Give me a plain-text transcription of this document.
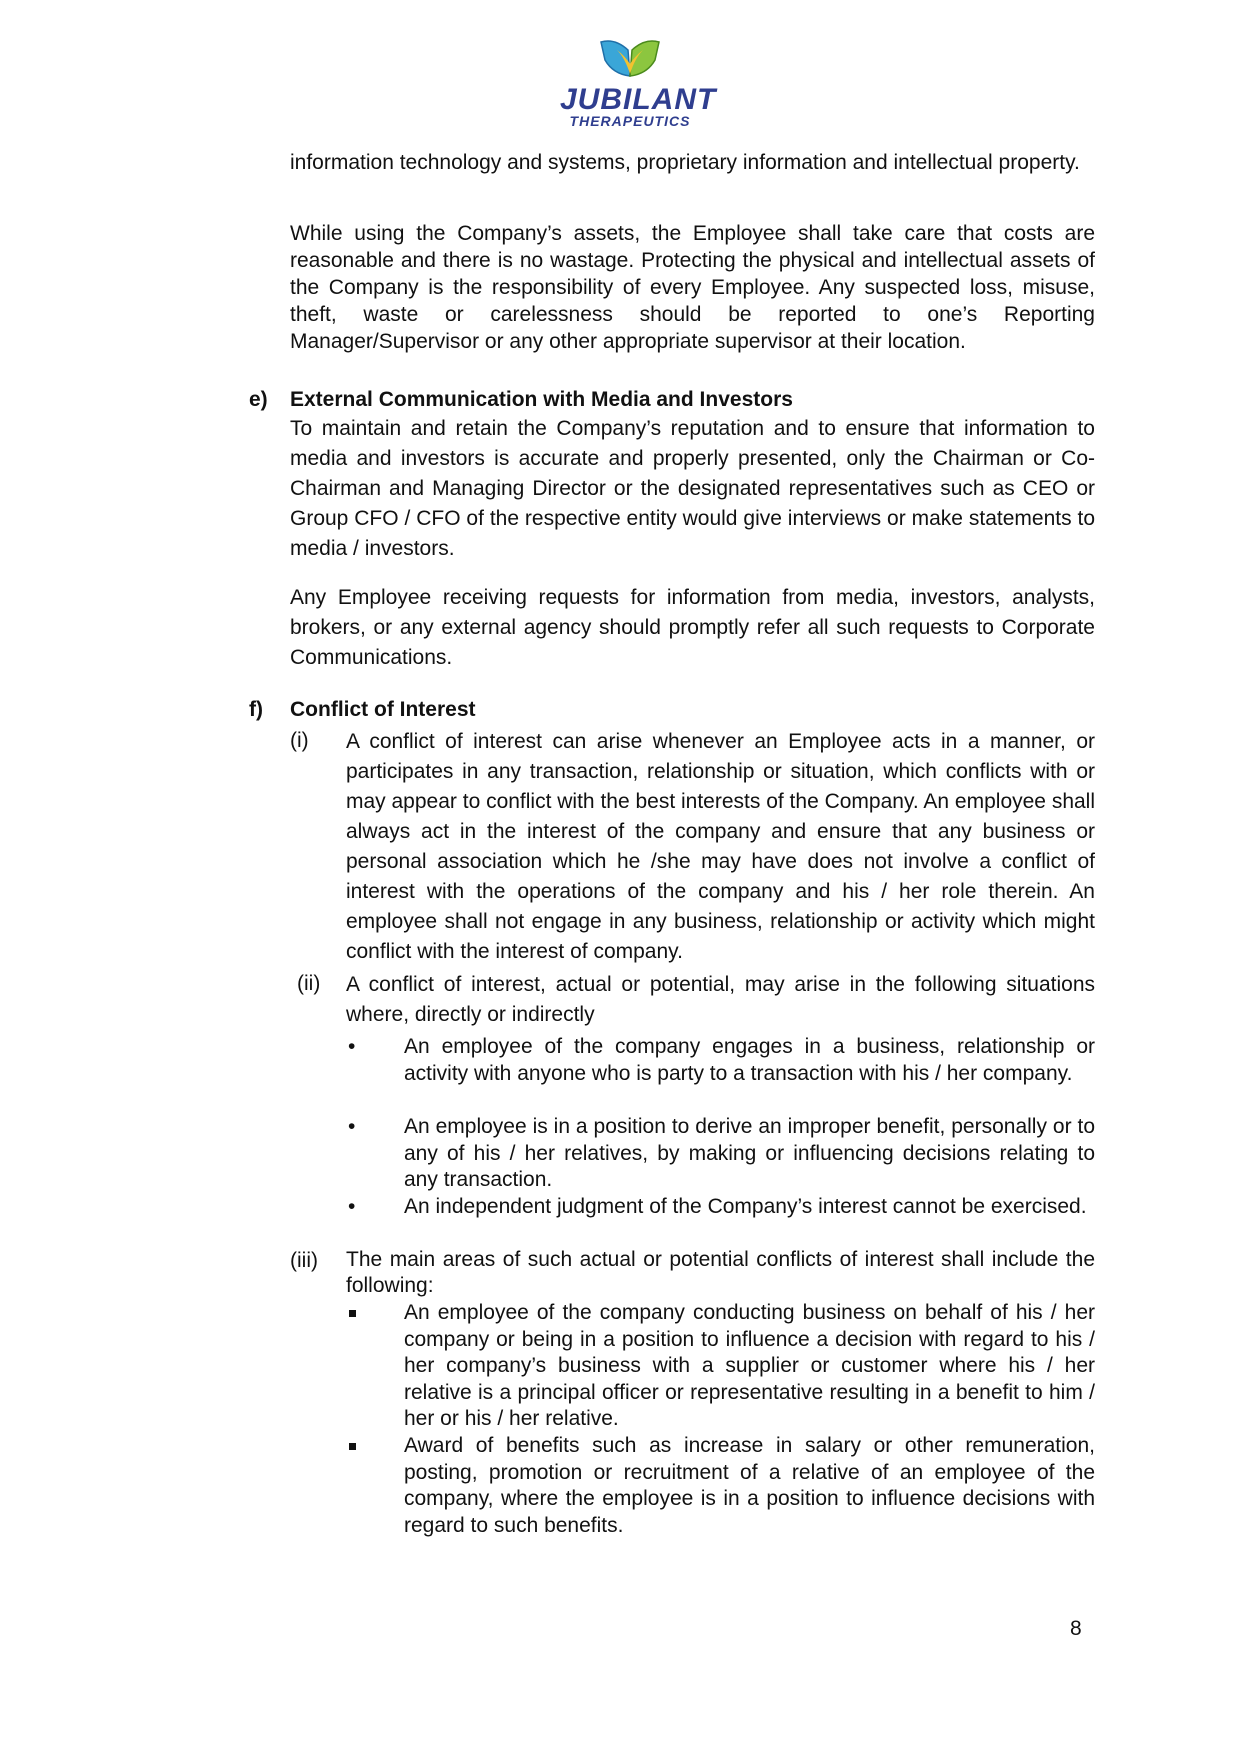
JUBILANT
THERAPEUTICS

information technology and systems, proprietary information and intellectual property.

While using the Company’s assets, the Employee shall take care that costs are reasonable and there is no wastage. Protecting the physical and intellectual assets of the Company is the responsibility of every Employee. Any suspected loss, misuse, theft, waste or carelessness should be reported to one’s Reporting Manager/Supervisor or any other appropriate supervisor at their location.

e) External Communication with Media and Investors

To maintain and retain the Company’s reputation and to ensure that information to media and investors is accurate and properly presented, only the Chairman or Co-Chairman and Managing Director or the designated representatives such as CEO or Group CFO / CFO of the respective entity would give interviews or make statements to media / investors.

Any Employee receiving requests for information from media, investors, analysts, brokers, or any external agency should promptly refer all such requests to Corporate Communications.

f) Conflict of Interest

(i) A conflict of interest can arise whenever an Employee acts in a manner, or participates in any transaction, relationship or situation, which conflicts with or may appear to conflict with the best interests of the Company. An employee shall always act in the interest of the company and ensure that any business or personal association which he /she may have does not involve a conflict of interest with the operations of the company and his / her role therein. An employee shall not engage in any business, relationship or activity which might conflict with the interest of company.

(ii) A conflict of interest, actual or potential, may arise in the following situations where, directly or indirectly

• An employee of the company engages in a business, relationship or activity with anyone who is party to a transaction with his / her company.

• An employee is in a position to derive an improper benefit, personally or to any of his / her relatives, by making or influencing decisions relating to any transaction.

• An independent judgment of the Company’s interest cannot be exercised.

(iii) The main areas of such actual or potential conflicts of interest shall include the following:

An employee of the company conducting business on behalf of his / her company or being in a position to influence a decision with regard to his / her company’s business with a supplier or customer where his / her relative is a principal officer or representative resulting in a benefit to him / her or his / her relative.

Award of benefits such as increase in salary or other remuneration, posting, promotion or recruitment of a relative of an employee of the company, where the employee is in a position to influence decisions with regard to such benefits.

8
